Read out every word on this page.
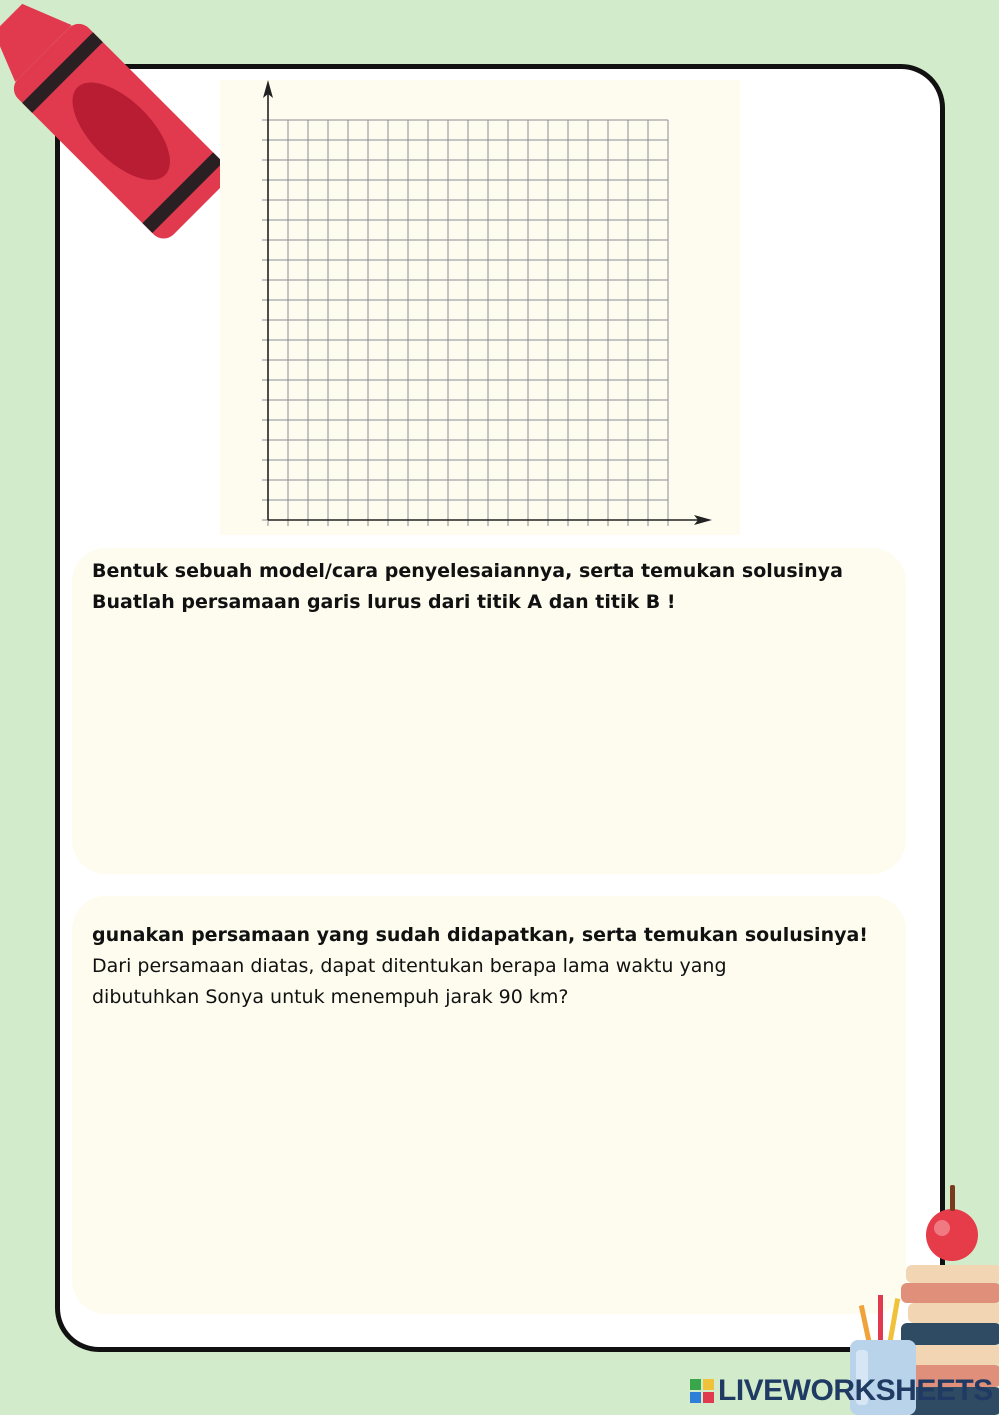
Bentuk sebuah model/cara penyelesaiannya, serta temukan solusinya
Buatlah persamaan garis lurus dari titik A dan titik B !
gunakan persamaan yang sudah didapatkan, serta temukan soulusinya!
Dari persamaan diatas, dapat ditentukan berapa lama waktu yang dibutuhkan Sonya untuk menempuh jarak 90 km?
LIVEWORKSHEETS
